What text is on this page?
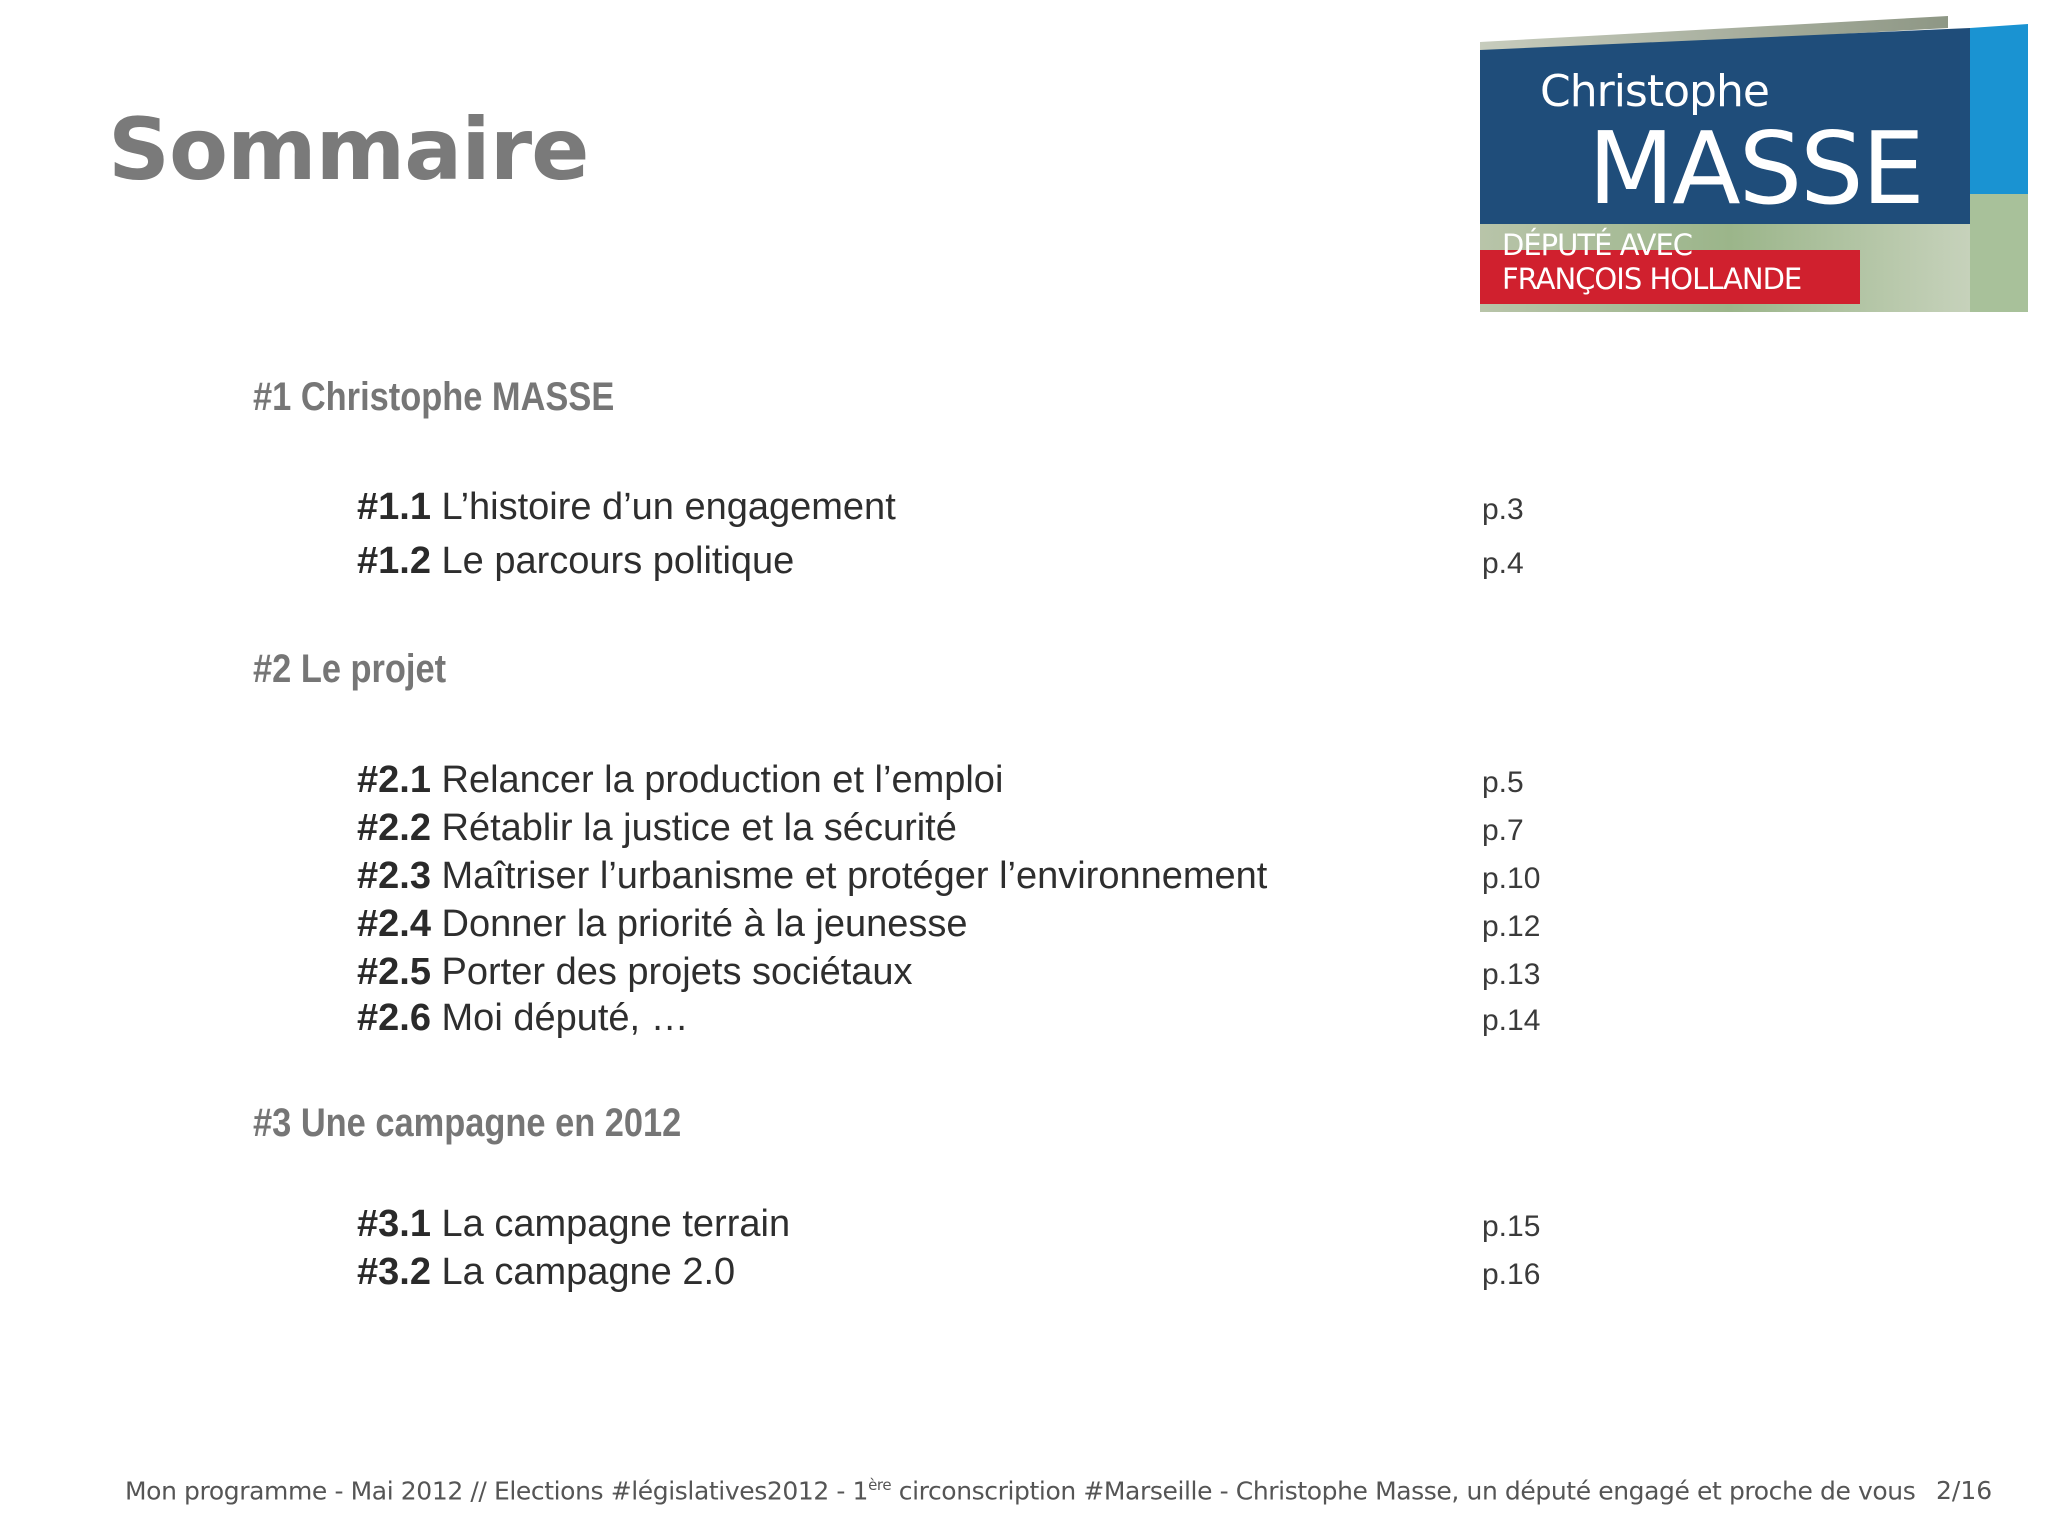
Sommaire
Christophe
MASSE
DÉPUTÉ AVEC
FRANÇOIS HOLLANDE
#1 Christophe MASSE
#1.1 L’histoire d’un engagement	p.3
#1.2 Le parcours politique	p.4
#2 Le projet
#2.1 Relancer la production et l’emploi	p.5
#2.2 Rétablir la justice et la sécurité	p.7
#2.3 Maîtriser l’urbanisme et protéger l’environnement	p.10
#2.4 Donner la priorité à la jeunesse	p.12
#2.5 Porter des projets sociétaux	p.13
#2.6 Moi député, …	p.14
#3 Une campagne en 2012
#3.1 La campagne terrain	p.15
#3.2 La campagne 2.0	p.16
Mon programme - Mai 2012 // Elections #législatives2012 - 1ère circonscription #Marseille - Christophe Masse, un député engagé et proche de vous 2/16
